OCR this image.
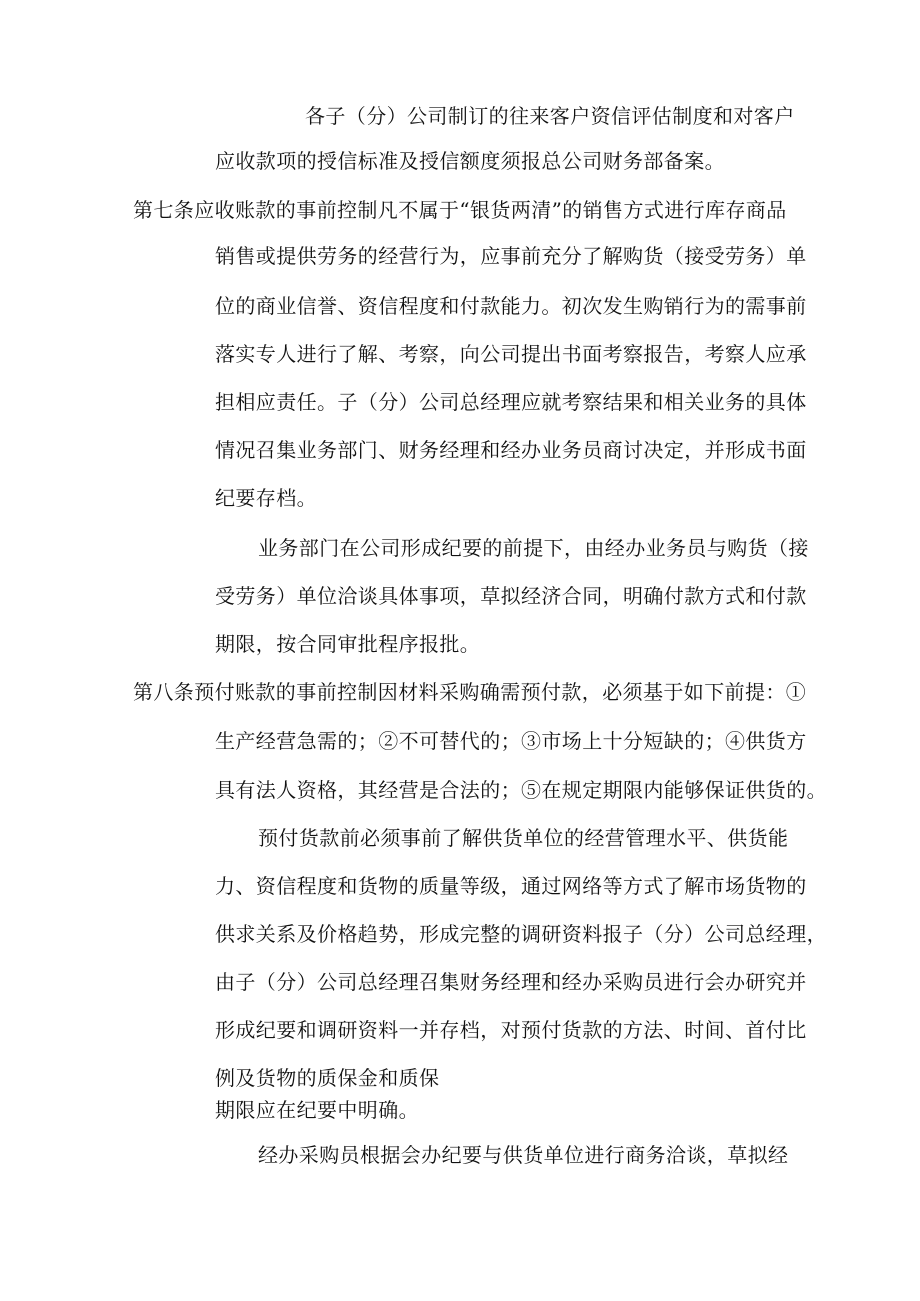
各子（分）公司制订的往来客户资信评估制度和对客户
应收款项的授信标准及授信额度须报总公司财务部备案。
第七条应收账款的事前控制凡不属于“银货两清”的销售方式进行库存商品
销售或提供劳务的经营行为，应事前充分了解购货（接受劳务）单
位的商业信誉、资信程度和付款能力。初次发生购销行为的需事前
落实专人进行了解、考察，向公司提出书面考察报告，考察人应承
担相应责任。子（分）公司总经理应就考察结果和相关业务的具体
情况召集业务部门、财务经理和经办业务员商讨决定，并形成书面
纪要存档。
业务部门在公司形成纪要的前提下，由经办业务员与购货（接
受劳务）单位洽谈具体事项，草拟经济合同，明确付款方式和付款
期限，按合同审批程序报批。
第八条预付账款的事前控制因材料采购确需预付款，必须基于如下前提：①
生产经营急需的；②不可替代的；③市场上十分短缺的；④供货方
具有法人资格，其经营是合法的；⑤在规定期限内能够保证供货的。
预付货款前必须事前了解供货单位的经营管理水平、供货能
力、资信程度和货物的质量等级，通过网络等方式了解市场货物的
供求关系及价格趋势，形成完整的调研资料报子（分）公司总经理，
由子（分）公司总经理召集财务经理和经办采购员进行会办研究并
形成纪要和调研资料一并存档，对预付货款的方法、时间、首付比
例及货物的质保金和质保
期限应在纪要中明确。
经办采购员根据会办纪要与供货单位进行商务洽谈，草拟经
